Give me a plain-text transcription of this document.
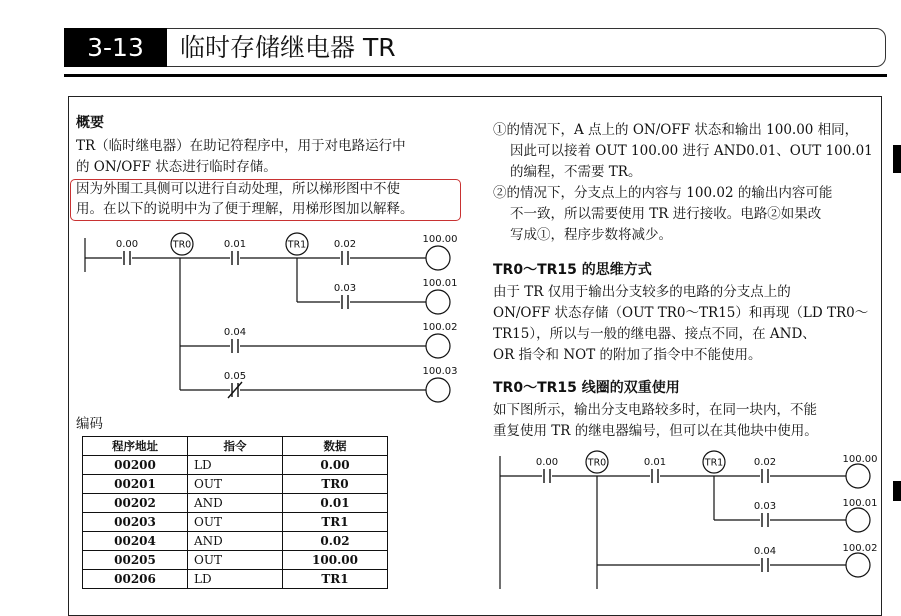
3-13	临时存储继电器 TR
概要
TR（临时继电器）在助记符程序中，用于对电路运行中
的 ON/OFF 状态进行临时存储。
因为外围工具侧可以进行自动处理，所以梯形图中不使
用。在以下的说明中为了便于理解，用梯形图加以解释。
0.00	0.01	0.02
0.03
0.04
0.05
TR0	TR1	100.00
100.01
100.02
100.03
编码
程序地址	指令	数据
00200	LD	0.00
00201	OUT	TR0
00202	AND	0.01
00203	OUT	TR1
00204	AND	0.02
00205	OUT	100.00
00206	LD	TR1
①的情况下，A 点上的 ON/OFF 状态和输出 100.00 相同，
因此可以接着 OUT 100.00 进行 AND0.01、OUT 100.01
的编程，不需要 TR。
②的情况下，分支点上的内容与 100.02 的输出内容可能
不一致，所以需要使用 TR 进行接收。电路②如果改
写成①，程序步数将减少。
TR0～TR15 的思维方式
由于 TR 仅用于输出分支较多的电路的分支点上的
ON/OFF 状态存储（OUT TR0～TR15）和再现（LD TR0～
TR15），所以与一般的继电器、接点不同，在 AND、
OR 指令和 NOT 的附加了指令中不能使用。
TR0～TR15 线圈的双重使用
如下图所示，输出分支电路较多时，在同一块内，不能
重复使用 TR 的继电器编号，但可以在其他块中使用。
0.00	0.01	0.02
0.03
0.04
TR0	TR1	100.00
100.01
100.02
